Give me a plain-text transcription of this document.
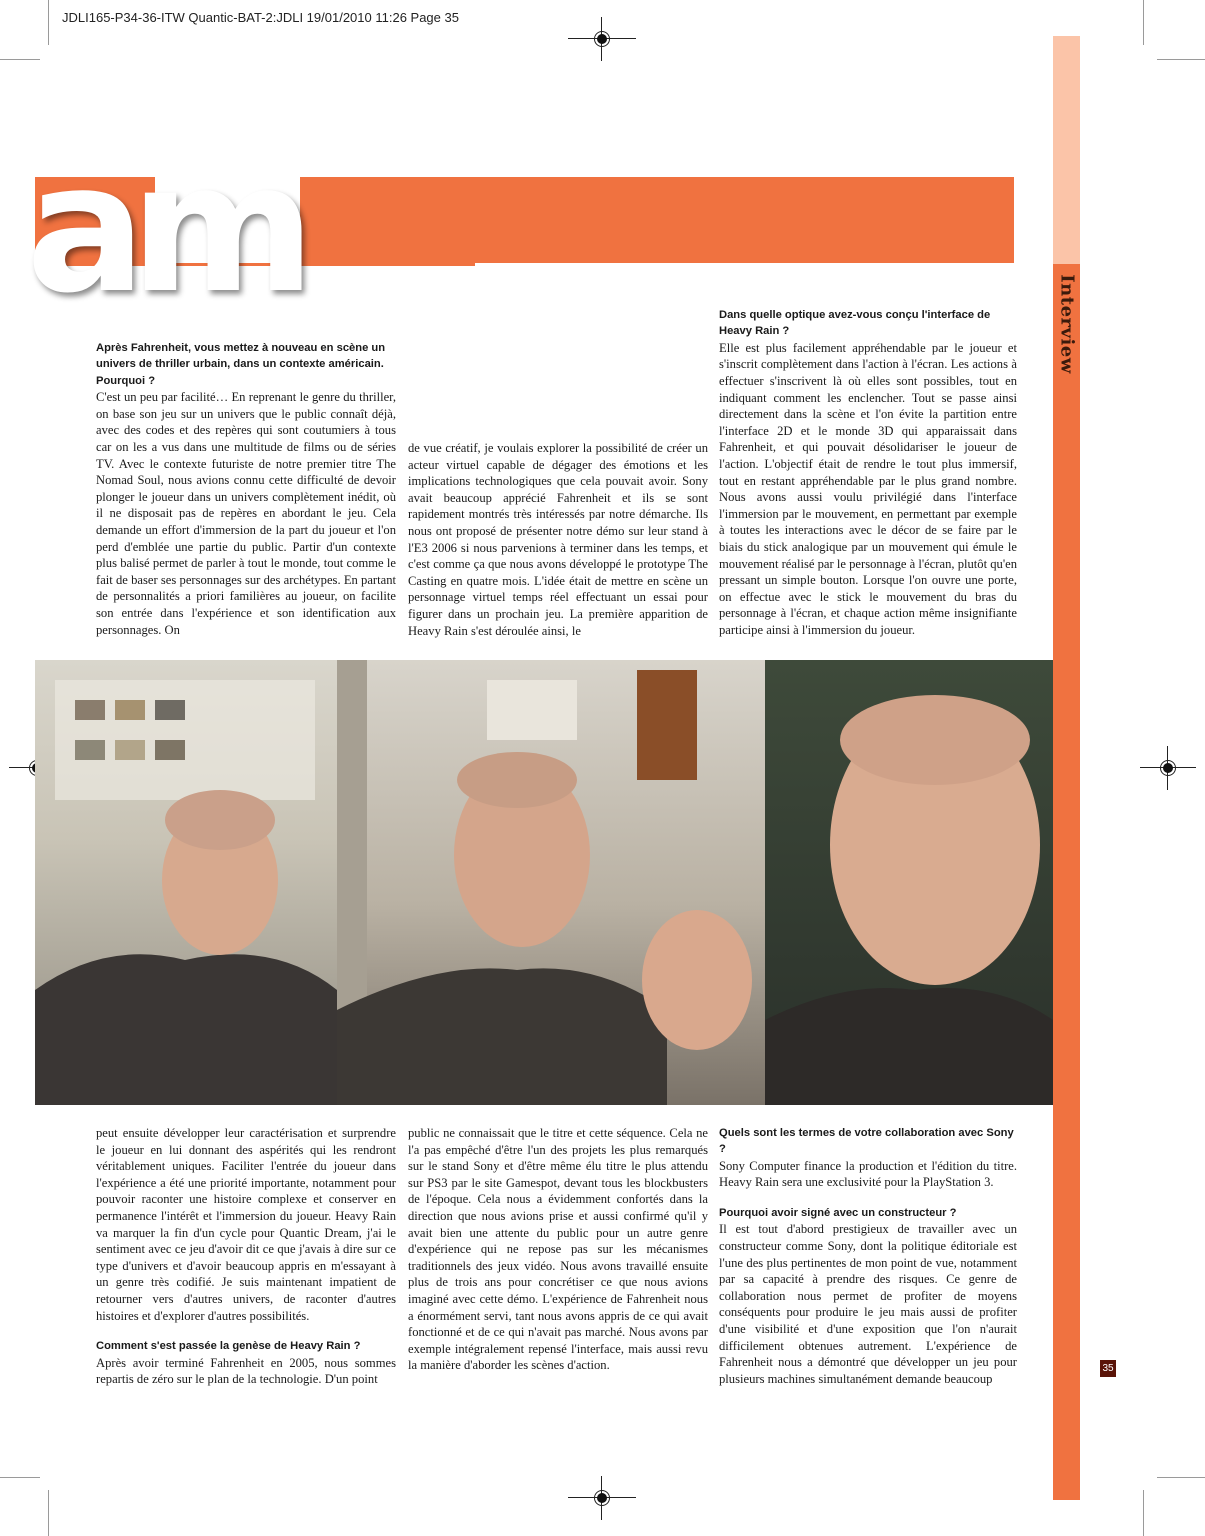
JDLI165-P34-36-ITW Quantic-BAT-2:JDLI 19/01/2010 11:26 Page 35
Interview
am

Après Fahrenheit, vous mettez à nouveau en scène un univers de thriller urbain, dans un contexte américain. Pourquoi ?

C'est un peu par facilité… En reprenant le genre du thriller, on base son jeu sur un univers que le public connaît déjà, avec des codes et des repères qui sont coutumiers à tous car on les a vus dans une multitude de films ou de séries TV. Avec le contexte futuriste de notre premier titre The Nomad Soul, nous avions connu cette difficulté de devoir plonger le joueur dans un univers complètement inédit, où il ne disposait pas de repères en abordant le jeu. Cela demande un effort d'immersion de la part du joueur et l'on perd d'emblée une partie du public. Partir d'un contexte plus balisé permet de parler à tout le monde, tout comme le fait de baser ses personnages sur des archétypes. En partant de personnalités a priori familières au joueur, on facilite son entrée dans l'expérience et son identification aux personnages. On

de vue créatif, je voulais explorer la possibilité de créer un acteur virtuel capable de dégager des émotions et les implications technologiques que cela pouvait avoir. Sony avait beaucoup apprécié Fahrenheit et ils se sont rapidement montrés très intéressés par notre démarche. Ils nous ont proposé de présenter notre démo sur leur stand à l'E3 2006 si nous parvenions à terminer dans les temps, et c'est comme ça que nous avons développé le prototype The Casting en quatre mois. L'idée était de mettre en scène un personnage virtuel temps réel effectuant un essai pour figurer dans un prochain jeu. La première apparition de Heavy Rain s'est déroulée ainsi, le

Dans quelle optique avez-vous conçu l'interface de Heavy Rain ?

Elle est plus facilement appréhendable par le joueur et s'inscrit complètement dans l'action à l'écran. Les actions à effectuer s'inscrivent là où elles sont possibles, tout en indiquant comment les enclencher. Tout se passe ainsi directement dans la scène et l'on évite la partition entre l'interface 2D et le monde 3D qui apparaissait dans Fahrenheit, et qui pouvait désolidariser le joueur de l'action. L'objectif était de rendre le tout plus immersif, tout en restant appréhendable par le plus grand nombre. Nous avons aussi voulu privilégié dans l'interface l'immersion par le mouvement, en permettant par exemple à toutes les interactions avec le décor de se faire par le biais du stick analogique par un mouvement qui émule le mouvement réalisé par le personnage à l'écran, plutôt qu'en pressant un simple bouton. Lorsque l'on ouvre une porte, on effectue avec le stick le mouvement du bras du personnage à l'écran, et chaque action même insignifiante participe ainsi à l'immersion du joueur.

peut ensuite développer leur caractérisation et surprendre le joueur en lui donnant des aspérités qui les rendront véritablement uniques. Faciliter l'entrée du joueur dans l'expérience a été une priorité importante, notamment pour pouvoir raconter une histoire complexe et conserver en permanence l'intérêt et l'immersion du joueur. Heavy Rain va marquer la fin d'un cycle pour Quantic Dream, j'ai le sentiment avec ce jeu d'avoir dit ce que j'avais à dire sur ce type d'univers et d'avoir beaucoup appris en m'essayant à un genre très codifié. Je suis maintenant impatient de retourner vers d'autres univers, de raconter d'autres histoires et d'explorer d'autres possibilités.

Comment s'est passée la genèse de Heavy Rain ?

Après avoir terminé Fahrenheit en 2005, nous sommes repartis de zéro sur le plan de la technologie. D'un point

public ne connaissait que le titre et cette séquence. Cela ne l'a pas empêché d'être l'un des projets les plus remarqués sur le stand Sony et d'être même élu titre le plus attendu sur PS3 par le site Gamespot, devant tous les blockbusters de l'époque. Cela nous a évidemment confortés dans la direction que nous avions prise et aussi confirmé qu'il y avait bien une attente du public pour un autre genre d'expérience qui ne repose pas sur les mécanismes traditionnels des jeux vidéo. Nous avons travaillé ensuite plus de trois ans pour concrétiser ce que nous avions imaginé avec cette démo. L'expérience de Fahrenheit nous a énormément servi, tant nous avons appris de ce qui avait fonctionné et de ce qui n'avait pas marché. Nous avons par exemple intégralement repensé l'interface, mais aussi revu la manière d'aborder les scènes d'action.

Quels sont les termes de votre collaboration avec Sony ?

Sony Computer finance la production et l'édition du titre. Heavy Rain sera une exclusivité pour la PlayStation 3.

Pourquoi avoir signé avec un constructeur ?

Il est tout d'abord prestigieux de travailler avec un constructeur comme Sony, dont la politique éditoriale est l'une des plus pertinentes de mon point de vue, notamment par sa capacité à prendre des risques. Ce genre de collaboration nous permet de profiter de moyens conséquents pour produire le jeu mais aussi de profiter d'une visibilité et d'une exposition que l'on n'aurait difficilement obtenues autrement. L'expérience de Fahrenheit nous a démontré que développer un jeu pour plusieurs machines simultanément demande beaucoup

35
